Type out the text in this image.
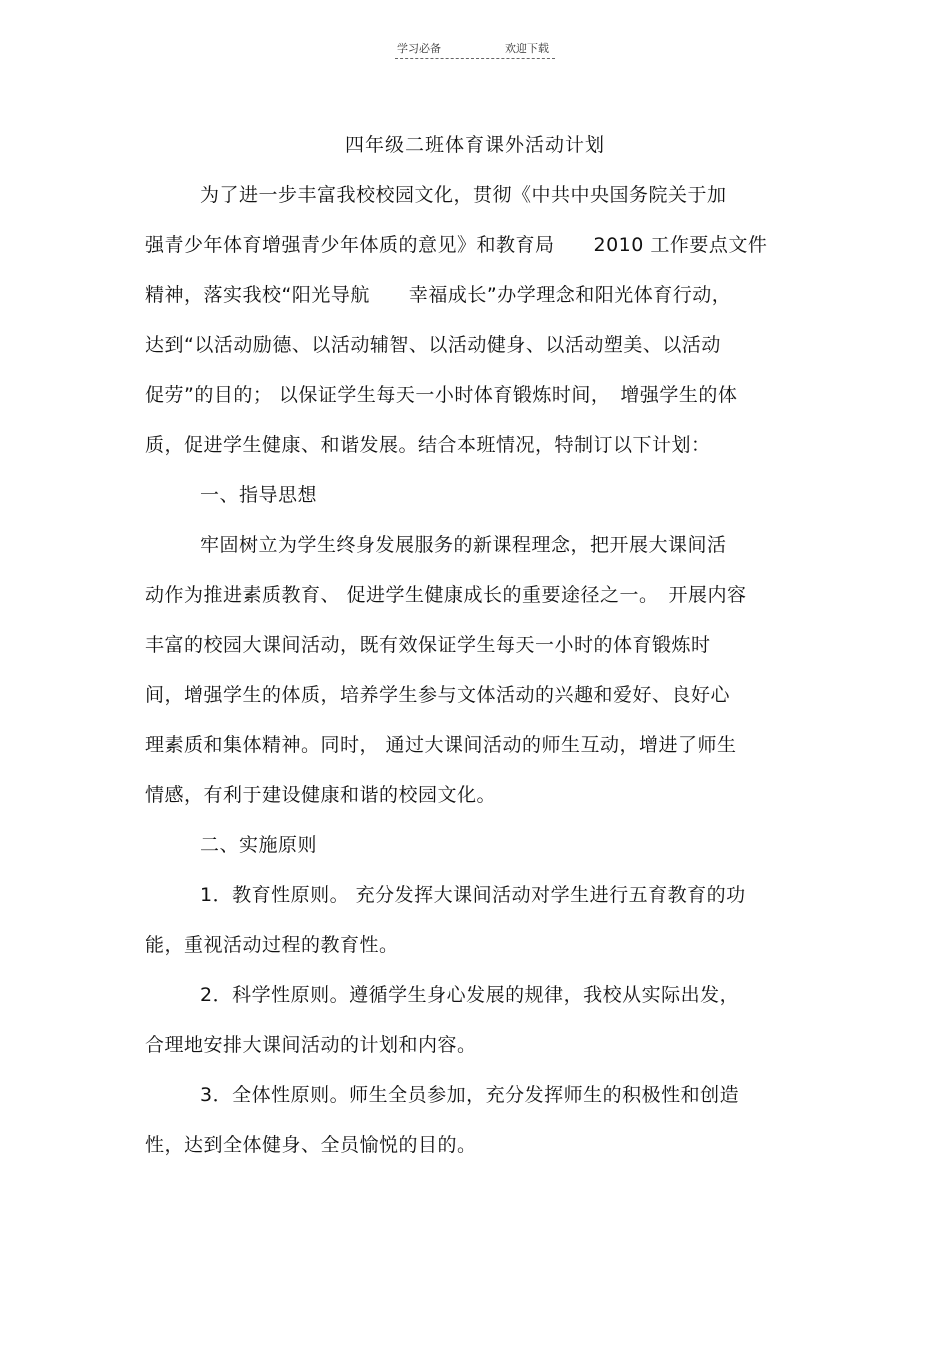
学习必备	欢迎下载
四年级二班体育课外活动计划
为了进一步丰富我校校园文化，贯彻《中共中央国务院关于加
强青少年体育增强青少年体质的意见》和教育局　　2010 工作要点文件
精神，落实我校“阳光导航　　幸福成长”办学理念和阳光体育行动，
达到“以活动励德、以活动辅智、以活动健身、以活动塑美、以活动
促劳”的目的； 以保证学生每天一小时体育锻炼时间，　增强学生的体
质，促进学生健康、和谐发展。结合本班情况，特制订以下计划：
一、指导思想
牢固树立为学生终身发展服务的新课程理念，把开展大课间活
动作为推进素质教育、 促进学生健康成长的重要途径之一。　开展内容
丰富的校园大课间活动，既有效保证学生每天一小时的体育锻炼时
间，增强学生的体质，培养学生参与文体活动的兴趣和爱好、良好心
理素质和集体精神。同时， 通过大课间活动的师生互动，增进了师生
情感，有利于建设健康和谐的校园文化。
二、实施原则
1．教育性原则。 充分发挥大课间活动对学生进行五育教育的功
能，重视活动过程的教育性。
2．科学性原则。遵循学生身心发展的规律，我校从实际出发，
合理地安排大课间活动的计划和内容。
3．全体性原则。师生全员参加，充分发挥师生的积极性和创造
性，达到全体健身、全员愉悦的目的。
